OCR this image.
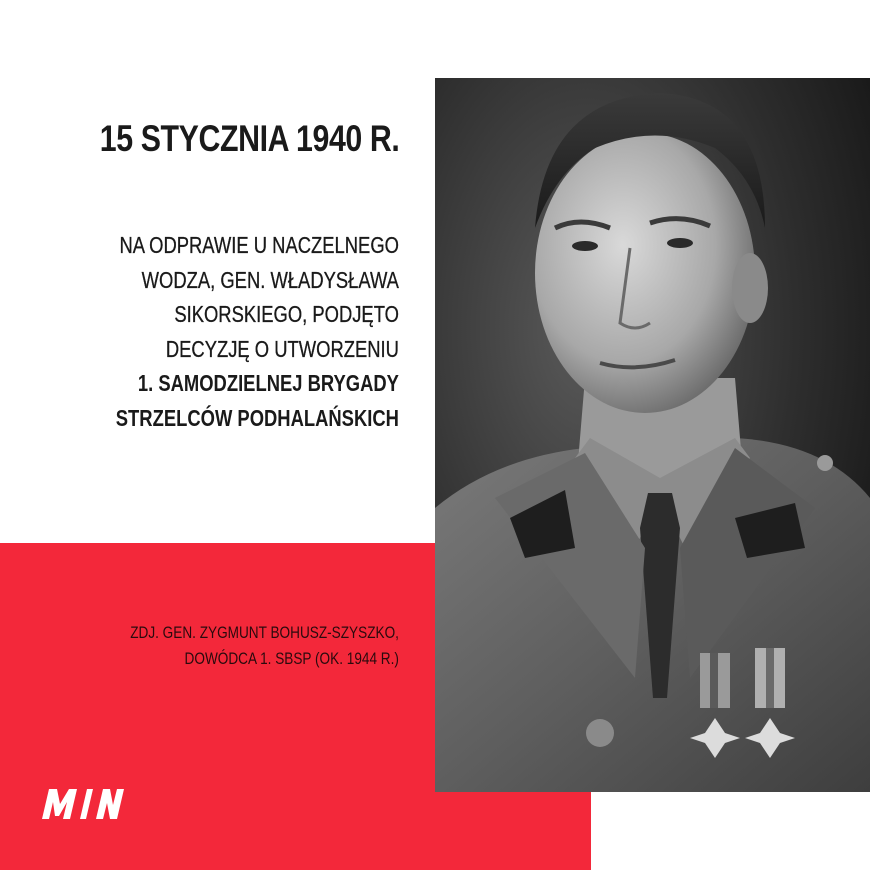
15 STYCZNIA 1940 R.
NA ODPRAWIE U NACZELNEGO
WODZA, GEN. WŁADYSŁAWA
SIKORSKIEGO, PODJĘTO
DECYZJĘ O UTWORZENIU
1. SAMODZIELNEJ BRYGADY
STRZELCÓW PODHALAŃSKICH
ZDJ. GEN. ZYGMUNT BOHUSZ-SZYSZKO,
DOWÓDCA 1. SBSP (OK. 1944 R.)
